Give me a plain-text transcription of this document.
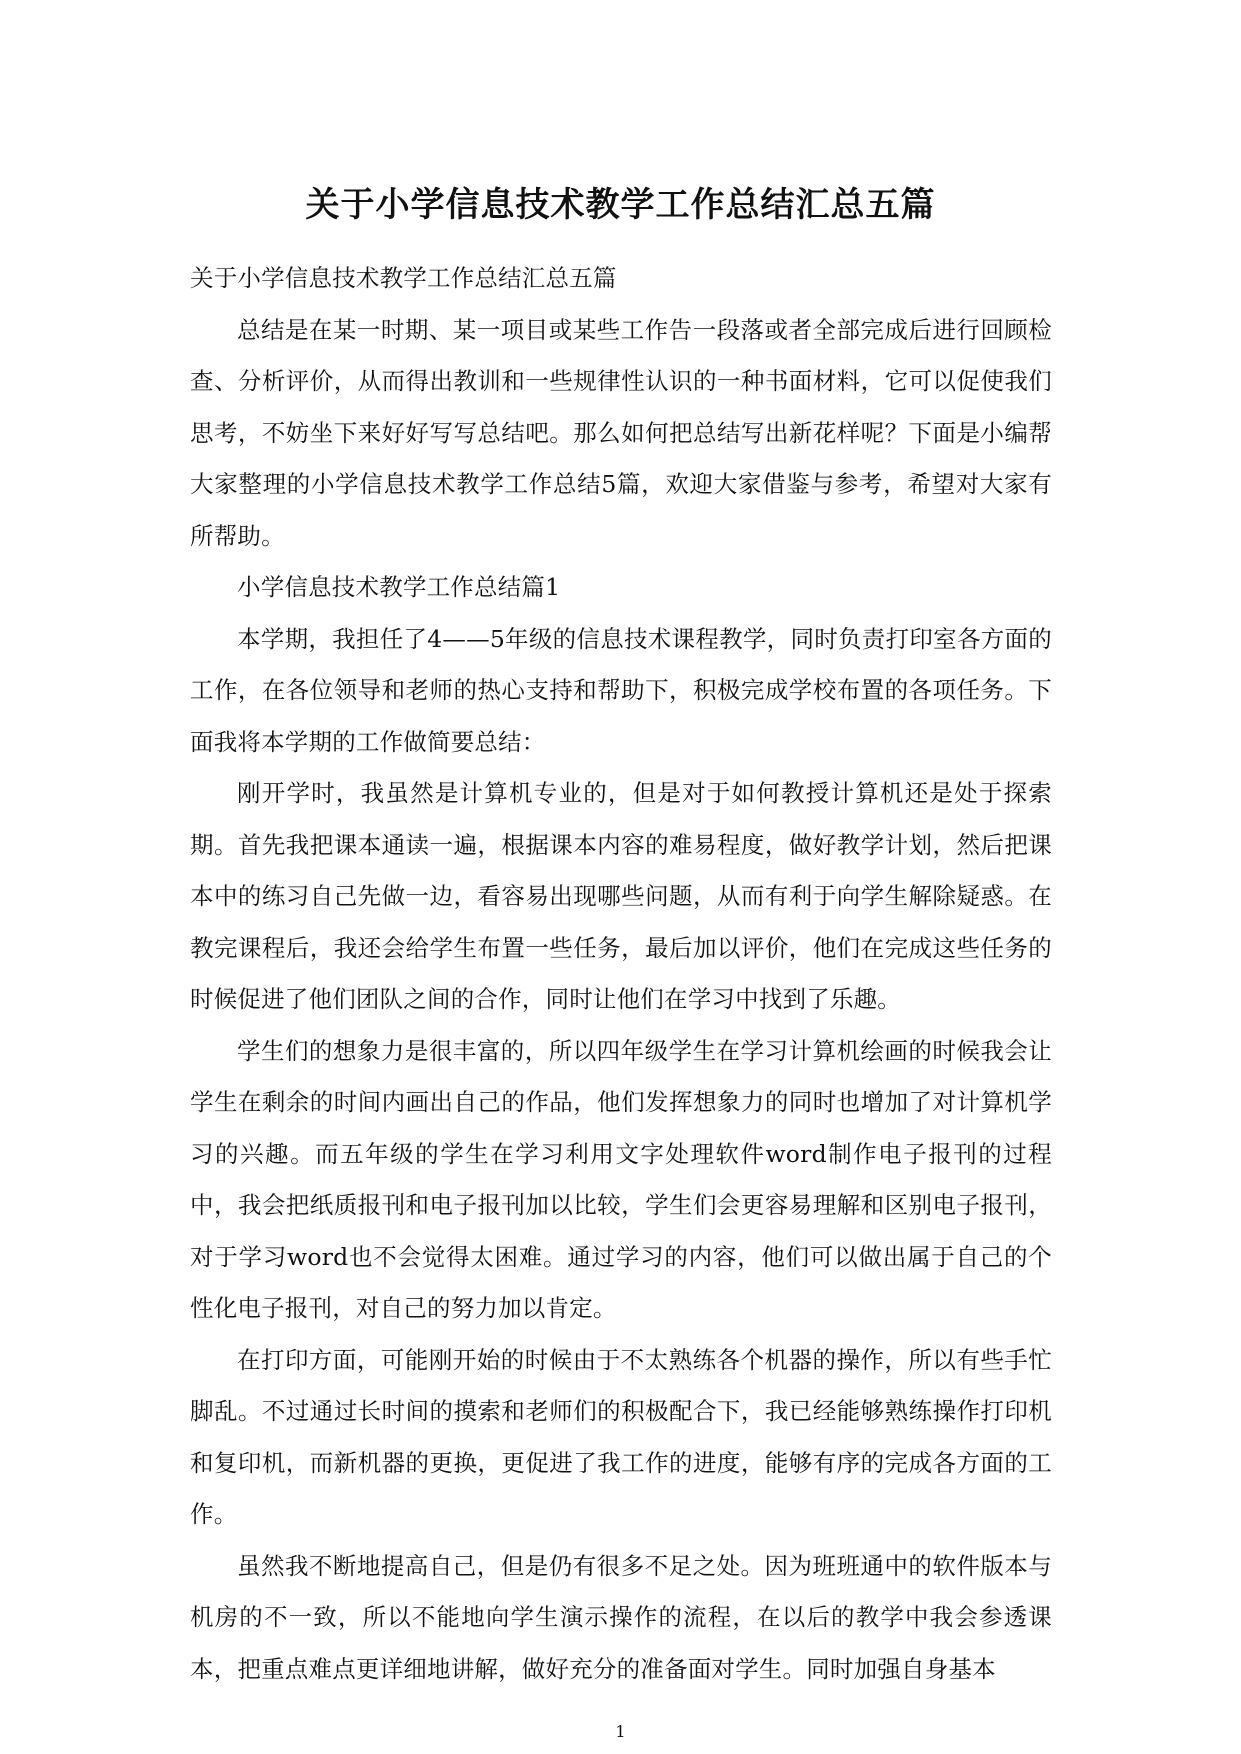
关于小学信息技术教学工作总结汇总五篇

关于小学信息技术教学工作总结汇总五篇

总结是在某一时期、某一项目或某些工作告一段落或者全部完成后进行回顾检查、分析评价，从而得出教训和一些规律性认识的一种书面材料，它可以促使我们思考，不妨坐下来好好写写总结吧。那么如何把总结写出新花样呢？下面是小编帮大家整理的小学信息技术教学工作总结5篇，欢迎大家借鉴与参考，希望对大家有所帮助。

小学信息技术教学工作总结篇1

本学期，我担任了4——5年级的信息技术课程教学，同时负责打印室各方面的工作，在各位领导和老师的热心支持和帮助下，积极完成学校布置的各项任务。下面我将本学期的工作做简要总结：

刚开学时，我虽然是计算机专业的，但是对于如何教授计算机还是处于探索期。首先我把课本通读一遍，根据课本内容的难易程度，做好教学计划，然后把课本中的练习自己先做一边，看容易出现哪些问题，从而有利于向学生解除疑惑。在教完课程后，我还会给学生布置一些任务，最后加以评价，他们在完成这些任务的时候促进了他们团队之间的合作，同时让他们在学习中找到了乐趣。

学生们的想象力是很丰富的，所以四年级学生在学习计算机绘画的时候我会让学生在剩余的时间内画出自己的作品，他们发挥想象力的同时也增加了对计算机学习的兴趣。而五年级的学生在学习利用文字处理软件word制作电子报刊的过程中，我会把纸质报刊和电子报刊加以比较，学生们会更容易理解和区别电子报刊，对于学习word也不会觉得太困难。通过学习的内容，他们可以做出属于自己的个性化电子报刊，对自己的努力加以肯定。

在打印方面，可能刚开始的时候由于不太熟练各个机器的操作，所以有些手忙脚乱。不过通过长时间的摸索和老师们的积极配合下，我已经能够熟练操作打印机和复印机，而新机器的更换，更促进了我工作的进度，能够有序的完成各方面的工作。

虽然我不断地提高自己，但是仍有很多不足之处。因为班班通中的软件版本与机房的不一致，所以不能地向学生演示操作的流程，在以后的教学中我会参透课本，把重点难点更详细地讲解，做好充分的准备面对学生。同时加强自身基本

1
